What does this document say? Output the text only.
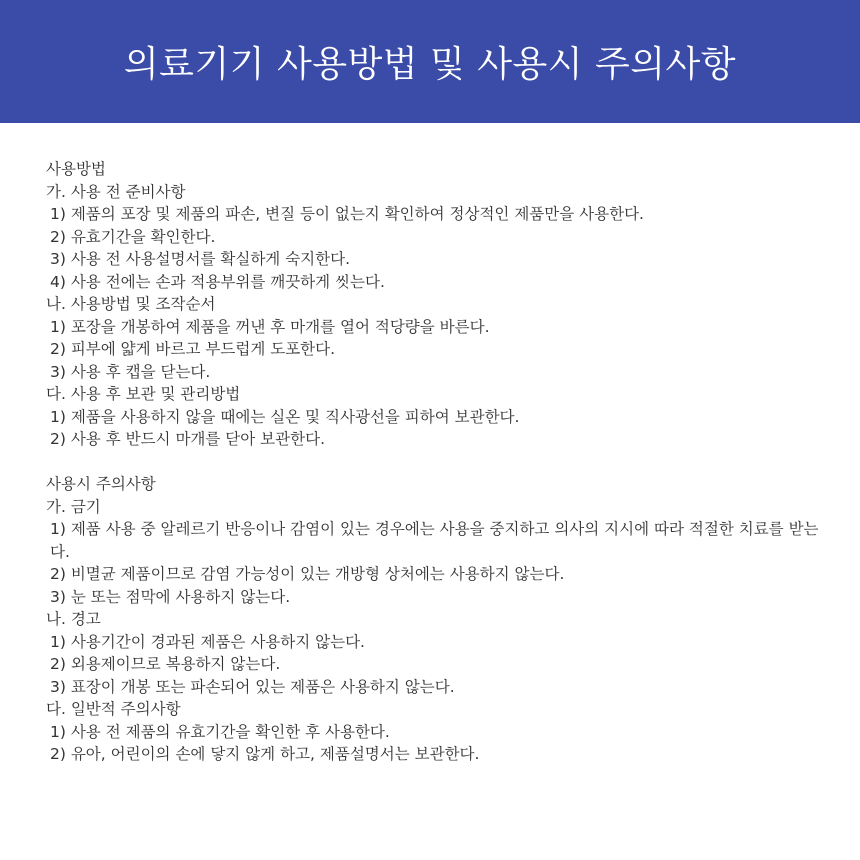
의료기기 사용방법 및 사용시 주의사항
사용방법
가. 사용 전 준비사항
1) 제품의 포장 및 제품의 파손, 변질 등이 없는지 확인하여 정상적인 제품만을 사용한다.
2) 유효기간을 확인한다.
3) 사용 전 사용설명서를 확실하게 숙지한다.
4) 사용 전에는 손과 적용부위를 깨끗하게 씻는다.
나. 사용방법 및 조작순서
1) 포장을 개봉하여 제품을 꺼낸 후 마개를 열어 적당량을 바른다.
2) 피부에 얇게 바르고 부드럽게 도포한다.
3) 사용 후 캡을 닫는다.
다. 사용 후 보관 및 관리방법
1) 제품을 사용하지 않을 때에는 실온 및 직사광선을 피하여 보관한다.
2) 사용 후 반드시 마개를 닫아 보관한다.
사용시 주의사항
가. 금기
1) 제품 사용 중 알레르기 반응이나 감염이 있는 경우에는 사용을 중지하고 의사의 지시에 따라 적절한 치료를 받는다.
2) 비멸균 제품이므로 감염 가능성이 있는 개방형 상처에는 사용하지 않는다.
3) 눈 또는 점막에 사용하지 않는다.
나. 경고
1) 사용기간이 경과된 제품은 사용하지 않는다.
2) 외용제이므로 복용하지 않는다.
3) 표장이 개봉 또는 파손되어 있는 제품은 사용하지 않는다.
다. 일반적 주의사항
1) 사용 전 제품의 유효기간을 확인한 후 사용한다.
2) 유아, 어린이의 손에 닿지 않게 하고, 제품설명서는 보관한다.
